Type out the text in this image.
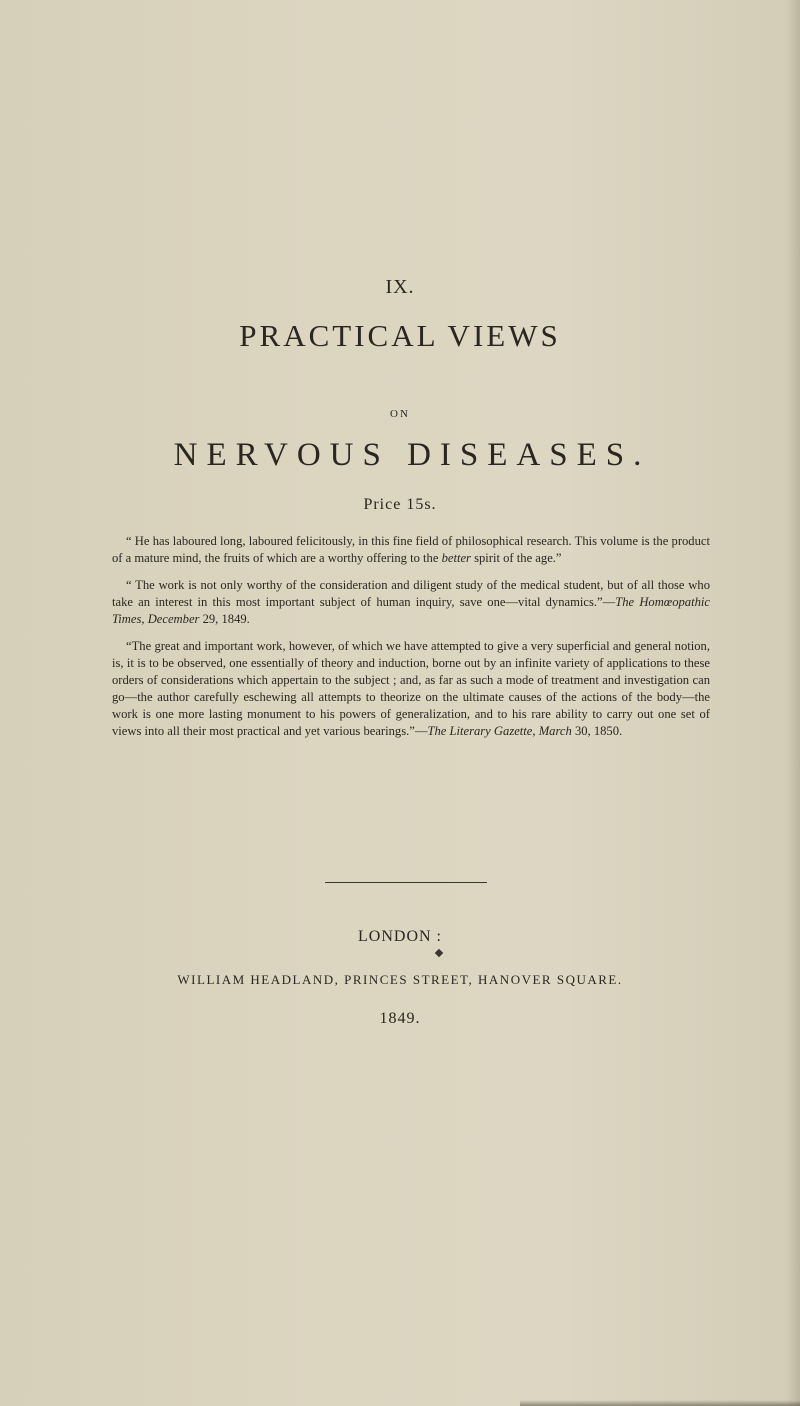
IX.
PRACTICAL VIEWS
ON
NERVOUS DISEASES.
Price 15s.

“ He has laboured long, laboured felicitously, in this fine field of philosophical research. This volume is the product of a mature mind, the fruits of which are a worthy offering to the better spirit of the age.”

“ The work is not only worthy of the consideration and diligent study of the medical student, but of all those who take an interest in this most important subject of human inquiry, save one—vital dynamics.”—The Homœopathic Times, December 29, 1849.

“The great and important work, however, of which we have attempted to give a very superficial and general notion, is, it is to be observed, one essentially of theory and induction, borne out by an infinite variety of applications to these orders of considerations which appertain to the subject ; and, as far as such a mode of treatment and investigation can go—the author carefully eschewing all attempts to theorize on the ultimate causes of the actions of the body—the work is one more lasting monument to his powers of generalization, and to his rare ability to carry out one set of views into all their most practical and yet various bearings.”—The Literary Gazette, March 30, 1850.

LONDON :
WILLIAM HEADLAND, PRINCES STREET, HANOVER SQUARE.
1849.
